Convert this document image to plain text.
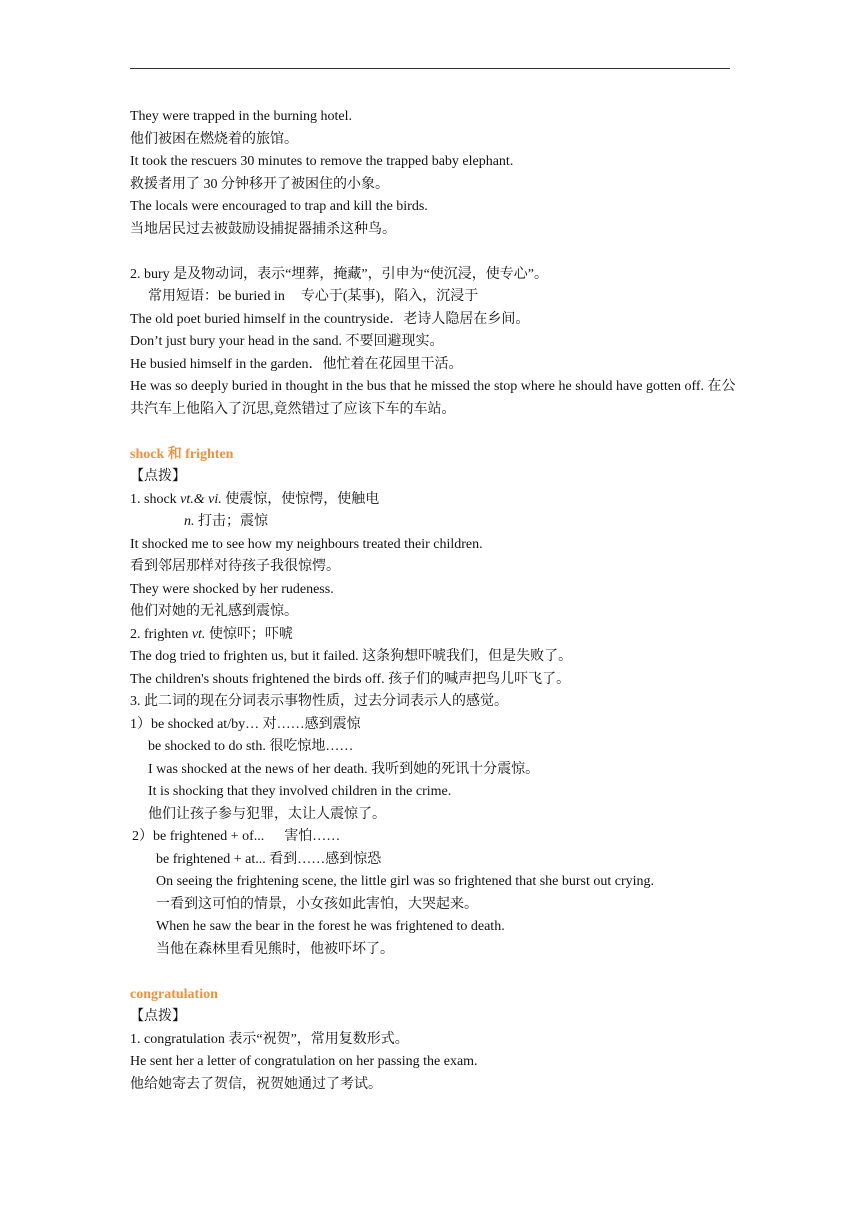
They were trapped in the burning hotel.
他们被困在燃烧着的旅馆。
It took the rescuers 30 minutes to remove the trapped baby elephant.
救援者用了 30 分钟移开了被困住的小象。
The locals were encouraged to trap and kill the birds.
当地居民过去被鼓励设捕捉器捕杀这种鸟。
2. bury 是及物动词，表示“埋葬，掩藏”，引申为“使沉浸，使专心”。
常用短语：be buried in 专心于(某事)，陷入，沉浸于
The old poet buried himself in the countryside．老诗人隐居在乡间。
Don’t just bury your head in the sand. 不要回避现实。
He busied himself in the garden．他忙着在花园里干活。
He was so deeply buried in thought in the bus that he missed the stop where he should have gotten off. 在公共汽车上他陷入了沉思,竟然错过了应该下车的车站。
shock 和 frighten
【点拨】
1. shock vt.& vi. 使震惊，使惊愕，使触电
n. 打击；震惊
It shocked me to see how my neighbours treated their children.
看到邻居那样对待孩子我很惊愕。
They were shocked by her rudeness.
他们对她的无礼感到震惊。
2. frighten vt. 使惊吓；吓唬
The dog tried to frighten us, but it failed. 这条狗想吓唬我们，但是失败了。
The children's shouts frightened the birds off. 孩子们的喊声把鸟儿吓飞了。
3. 此二词的现在分词表示事物性质，过去分词表示人的感觉。
1）be shocked at/by… 对……感到震惊
be shocked to do sth. 很吃惊地……
I was shocked at the news of her death. 我听到她的死讯十分震惊。
It is shocking that they involved children in the crime.
他们让孩子参与犯罪，太让人震惊了。
2）be frightened + of... 害怕……
be frightened + at... 看到……感到惊恐
On seeing the frightening scene, the little girl was so frightened that she burst out crying.
一看到这可怕的情景，小女孩如此害怕，大哭起来。
When he saw the bear in the forest he was frightened to death.
当他在森林里看见熊时，他被吓坏了。
congratulation
【点拨】
1. congratulation 表示“祝贺”，常用复数形式。
He sent her a letter of congratulation on her passing the exam.
他给她寄去了贺信，祝贺她通过了考试。
